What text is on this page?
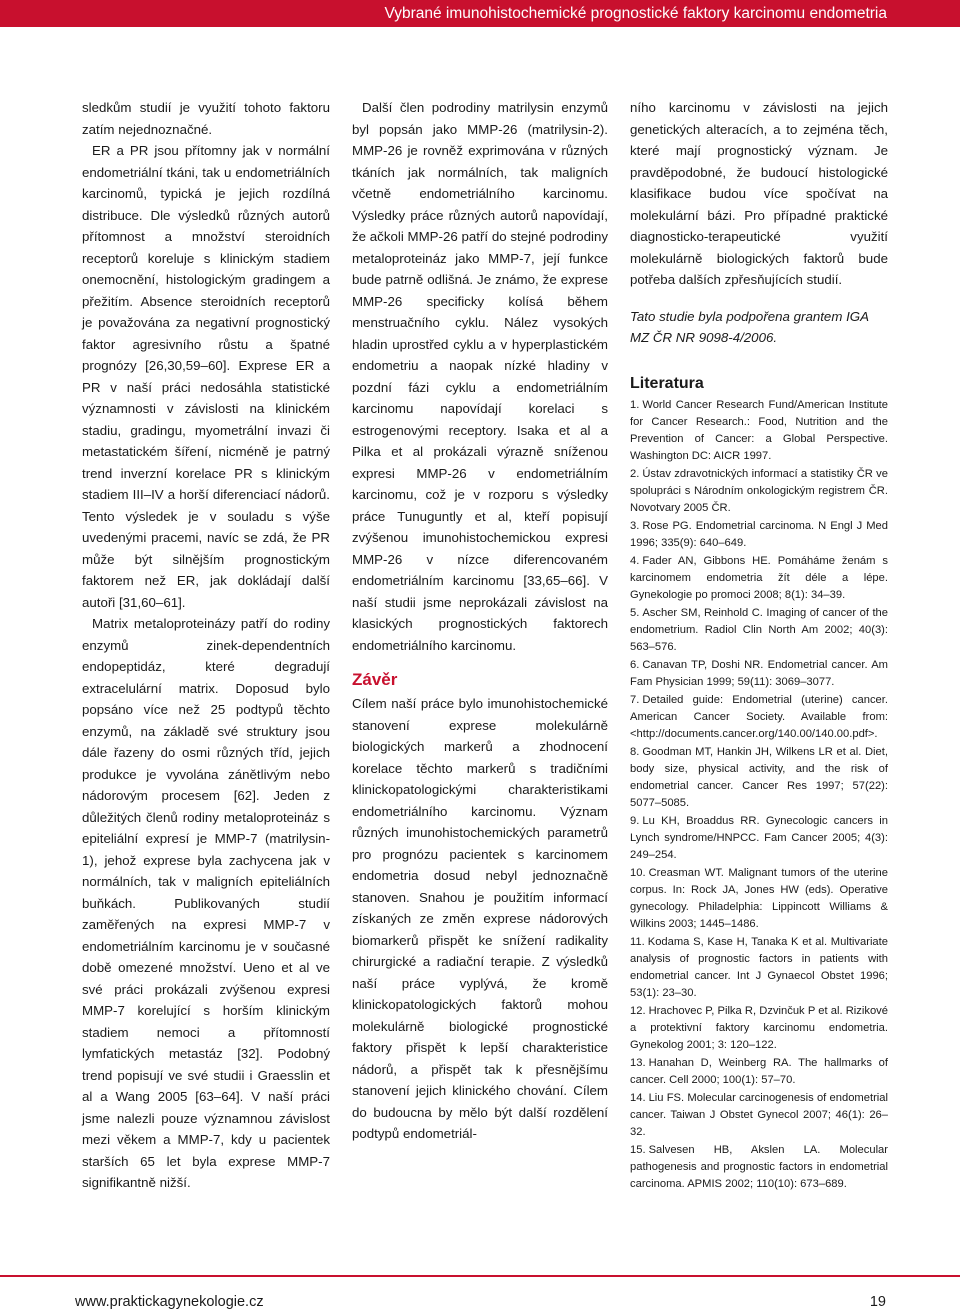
Vybrané imunohistochemické prognostické faktory karcinomu endometria

sledkům studií je využití tohoto faktoru zatím nejednoznačné.

ER a PR jsou přítomny jak v normální endometriální tkáni, tak u endometriálních karcinomů, typická je jejich rozdílná distribuce. Dle výsledků různých autorů přítomnost a množství steroidních receptorů koreluje s klinickým stadiem onemocnění, histologickým gradingem a přežitím. Absence steroidních receptorů je považována za negativní prognostický faktor agresivního růstu a špatné prognózy [26,30,59–60]. Exprese ER a PR v naší práci nedosáhla statistické významnosti v závislosti na klinickém stadiu, gradingu, myometrální invazi či metastatickém šíření, nicméně je patrný trend inverzní korelace PR s klinickým stadiem III–IV a horší diferenciací nádorů. Tento výsledek je v souladu s výše uvedenými pracemi, navíc se zdá, že PR může být silnějším prognostickým faktorem než ER, jak dokládají další autoři [31,60–61].

Matrix metaloproteinázy patří do rodiny enzymů zinek-dependentních endopeptidáz, které degradují extracelulární matrix. Doposud bylo popsáno více než 25 podtypů těchto enzymů, na základě své struktury jsou dále řazeny do osmi různých tříd, jejich produkce je vyvolána zánětlivým nebo nádorovým procesem [62]. Jeden z důležitých členů rodiny metaloproteináz s epiteliální expresí je MMP-7 (matrilysin-1), jehož exprese byla zachycena jak v normálních, tak v maligních epiteliálních buňkách. Publikovaných studií zaměřených na expresi MMP-7 v endometriálním karcinomu je v současné době omezené množství. Ueno et al ve své práci prokázali zvýšenou expresi MMP-7 korelující s horším klinickým stadiem nemoci a přítomností lymfatických metastáz [32]. Podobný trend popisují ve své studii i Graesslin et al a Wang 2005 [63–64]. V naší práci jsme nalezli pouze významnou závislost mezi věkem a MMP-7, kdy u pacientek starších 65 let byla exprese MMP-7 signifikantně nižší.

Další člen podrodiny matrilysin enzymů byl popsán jako MMP-26 (matrilysin-2). MMP-26 je rovněž exprimována v různých tkáních jak normálních, tak maligních včetně endometriálního karcinomu. Výsledky práce různých autorů napovídají, že ačkoli MMP-26 patří do stejné podrodiny metaloproteináz jako MMP-7, její funkce bude patrně odlišná. Je známo, že exprese MMP-26 specificky kolísá během menstruačního cyklu. Nález vysokých hladin uprostřed cyklu a v hyperplastickém endometriu a naopak nízké hladiny v pozdní fázi cyklu a endometriálním karcinomu napovídají korelaci s estrogenovými receptory. Isaka et al a Pilka et al prokázali výrazně sníženou expresi MMP-26 v endometriálním karcinomu, což je v rozporu s výsledky práce Tunuguntly et al, kteří popisují zvýšenou imunohistochemickou expresi MMP-26 v nízce diferencovaném endometriálním karcinomu [33,65–66]. V naší studii jsme neprokázali závislost na klasických prognostických faktorech endometriálního karcinomu.

Závěr

Cílem naší práce bylo imunohistochemické stanovení exprese molekulárně biologických markerů a zhodnocení korelace těchto markerů s tradičními klinickopatologickými charakteristikami endometriálního karcinomu. Význam různých imunohistochemických parametrů pro prognózu pacientek s karcinomem endometria dosud nebyl jednoznačně stanoven. Snahou je použitím informací získaných ze změn exprese nádorových biomarkerů přispět ke snížení radikality chirurgické a radiační terapie. Z výsledků naší práce vyplývá, že kromě klinickopatologických faktorů mohou molekulárně biologické prognostické faktory přispět k lepší charakteristice nádorů, a přispět tak k přesnějšímu stanovení jejich klinického chování. Cílem do budoucna by mělo být další rozdělení podtypů endometriál-

ního karcinomu v závislosti na jejich genetických alteracích, a to zejména těch, které mají prognostický význam. Je pravděpodobné, že budoucí histologické klasifikace budou více spočívat na molekulární bázi. Pro případné praktické diagnosticko-terapeutické využití molekulárně biologických faktorů bude potřeba dalších zpřesňujících studií.

Tato studie byla podpořena grantem IGA MZ ČR NR 9098-4/2006.

Literatura
1. World Cancer Research Fund/American Institute for Cancer Research.: Food, Nutrition and the Prevention of Cancer: a Global Perspective. Washington DC: AICR 1997.
2. Ústav zdravotnických informací a statistiky ČR ve spolupráci s Národním onkologickým registrem ČR. Novotvary 2005 ČR.
3. Rose PG. Endometrial carcinoma. N Engl J Med 1996; 335(9): 640–649.
4. Fader AN, Gibbons HE. Pomáháme ženám s karcinomem endometria žít déle a lépe. Gynekologie po promoci 2008; 8(1): 34–39.
5. Ascher SM, Reinhold C. Imaging of cancer of the endometrium. Radiol Clin North Am 2002; 40(3): 563–576.
6. Canavan TP, Doshi NR. Endometrial cancer. Am Fam Physician 1999; 59(11): 3069–3077.
7. Detailed guide: Endometrial (uterine) cancer. American Cancer Society. Available from: <http://documents.cancer.org/140.00/140.00.pdf>.
8. Goodman MT, Hankin JH, Wilkens LR et al. Diet, body size, physical activity, and the risk of endometrial cancer. Cancer Res 1997; 57(22): 5077–5085.
9. Lu KH, Broaddus RR. Gynecologic cancers in Lynch syndrome/HNPCC. Fam Cancer 2005; 4(3): 249–254.
10. Creasman WT. Malignant tumors of the uterine corpus. In: Rock JA, Jones HW (eds). Operative gynecology. Philadelphia: Lippincott Williams & Wilkins 2003; 1445–1486.
11. Kodama S, Kase H, Tanaka K et al. Multivariate analysis of prognostic factors in patients with endometrial cancer. Int J Gynaecol Obstet 1996; 53(1): 23–30.
12. Hrachovec P, Pilka R, Dzvinčuk P et al. Rizikové a protektivní faktory karcinomu endometria. Gynekolog 2001; 3: 120–122.
13. Hanahan D, Weinberg RA. The hallmarks of cancer. Cell 2000; 100(1): 57–70.
14. Liu FS. Molecular carcinogenesis of endometrial cancer. Taiwan J Obstet Gynecol 2007; 46(1): 26–32.
15. Salvesen HB, Akslen LA. Molecular pathogenesis and prognostic factors in endometrial carcinoma. APMIS 2002; 110(10): 673–689.
www.praktickagynekologie.cz	19
